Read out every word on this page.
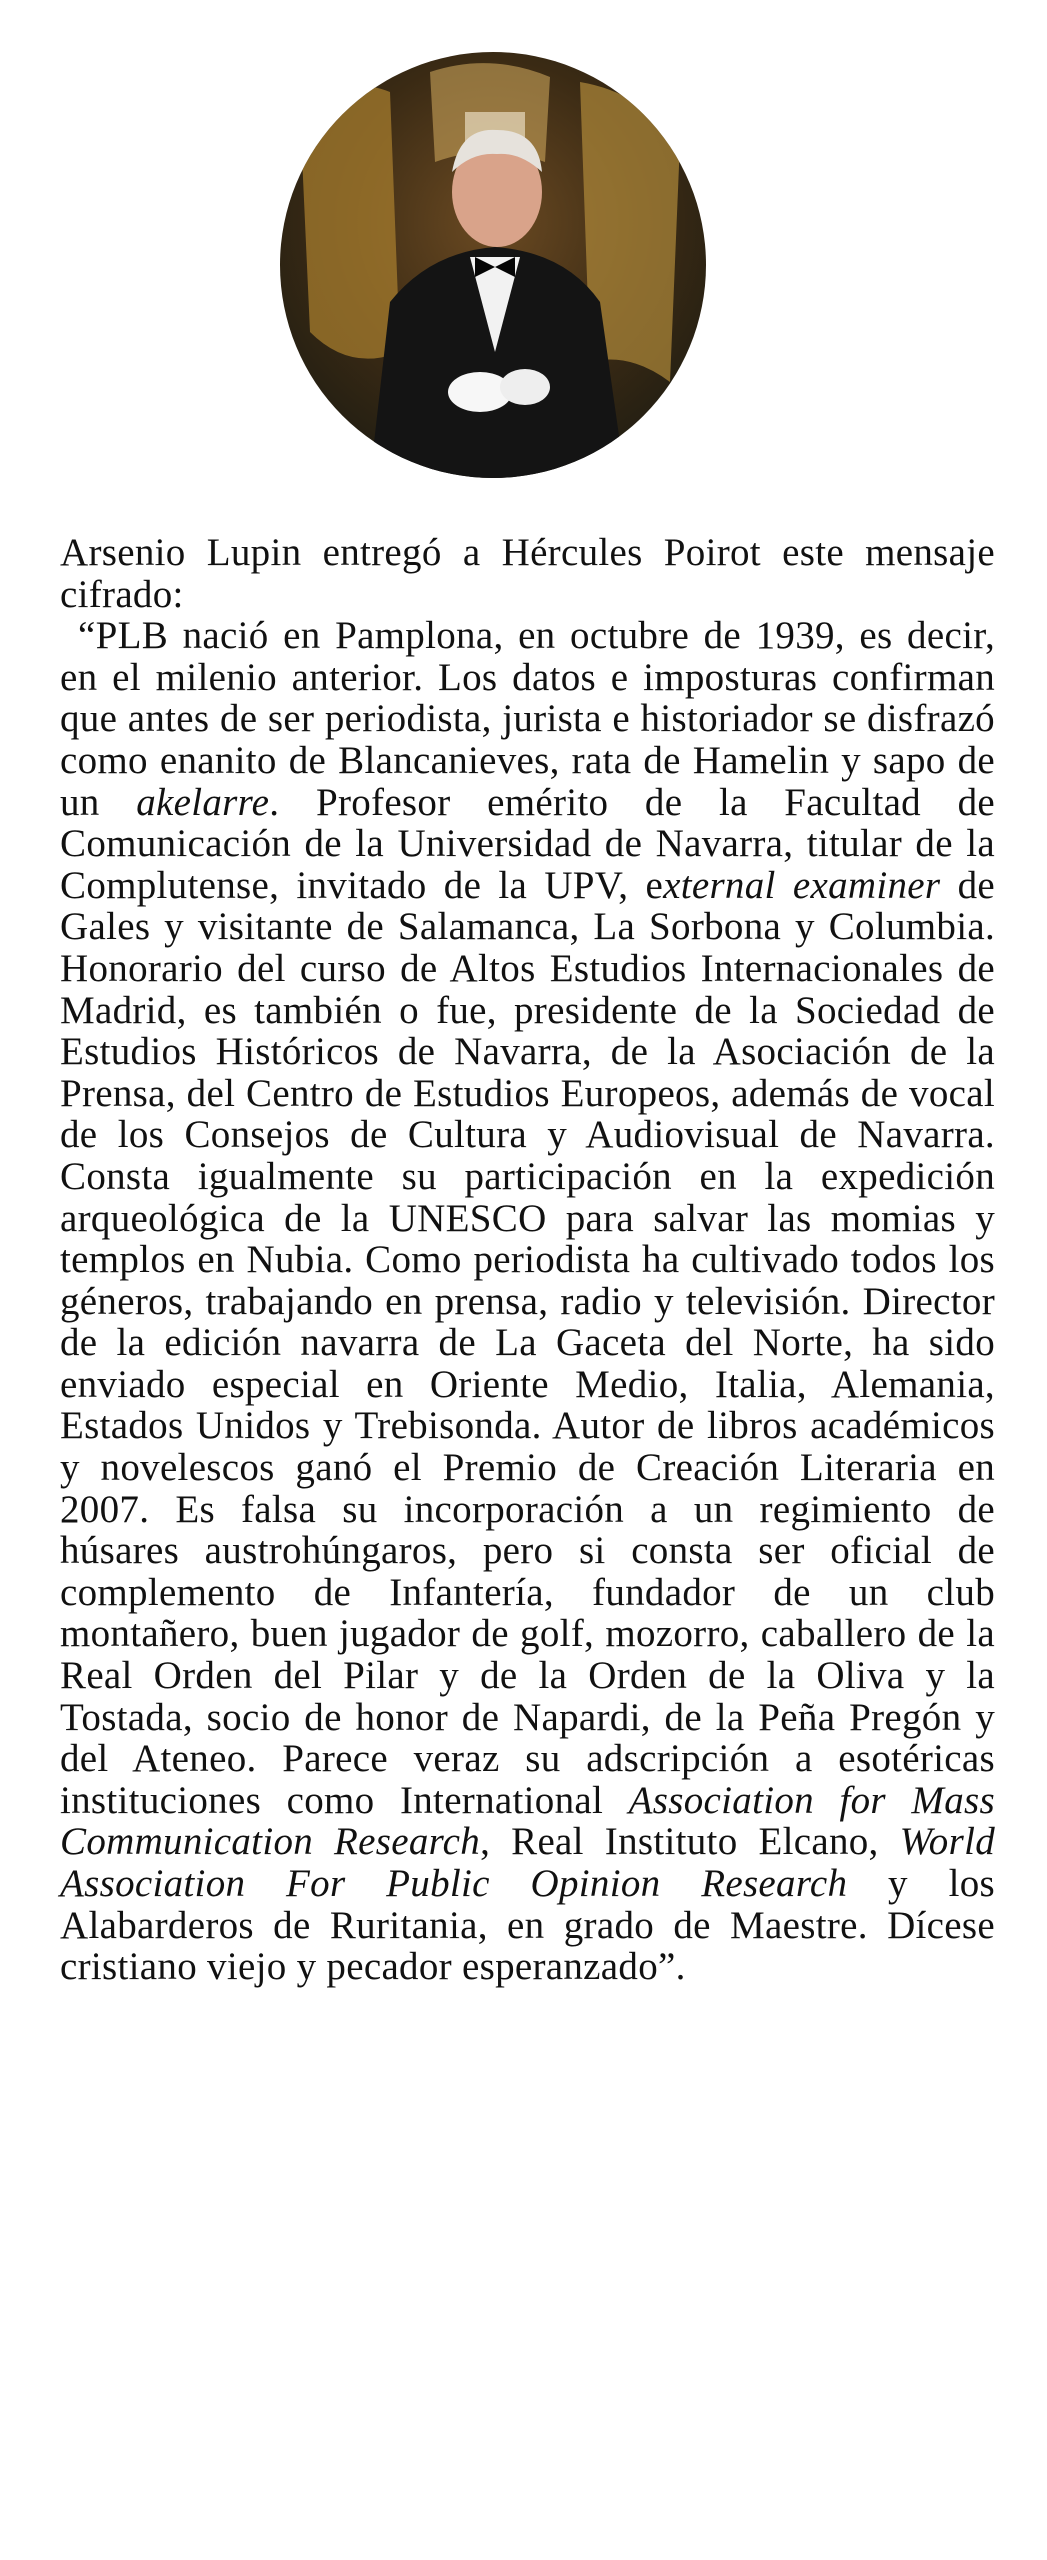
Arsenio Lupin entregó a Hércules Poirot este mensaje cifrado:

“PLB nació en Pamplona, en octubre de 1939, es decir, en el milenio anterior. Los datos e imposturas confirman que antes de ser periodista, jurista e historiador se disfrazó como enanito de Blancanieves, rata de Hamelin y sapo de un akelarre. Profesor emérito de la Facultad de Comunicación de la Universidad de Navarra, titular de la Complutense, invitado de la UPV, external examiner de Gales y visitante de Salamanca, La Sorbona y Columbia. Honorario del curso de Altos Estudios Internacionales de Madrid, es también o fue, presidente de la Sociedad de Estudios Históricos de Navarra, de la Asociación de la Prensa, del Centro de Estudios Europeos, además de vocal de los Consejos de Cultura y Audiovisual de Navarra. Consta igualmente su participación en la expedición arqueológica de la UNESCO para salvar las momias y templos en Nubia. Como periodista ha cultivado todos los géneros, trabajando en prensa, radio y televisión. Director de la edición navarra de La Gaceta del Norte, ha sido enviado especial en Oriente Medio, Italia, Alemania, Estados Unidos y Trebisonda. Autor de libros académicos y novelescos ganó el Premio de Creación Literaria en 2007. Es falsa su incorporación a un regimiento de húsares austrohúngaros, pero si consta ser oficial de complemento de Infantería, fundador de un club montañero, buen jugador de golf, mozorro, caballero de la Real Orden del Pilar y de la Orden de la Oliva y la Tostada, socio de honor de Napardi, de la Peña Pregón y del Ateneo. Parece veraz su adscripción a esotéricas instituciones como International Association for Mass Communication Research, Real Instituto Elcano, World Association For Public Opinion Research y los Alabarderos de Ruritania, en grado de Maestre. Dícese cristiano viejo y pecador esperanzado”.
